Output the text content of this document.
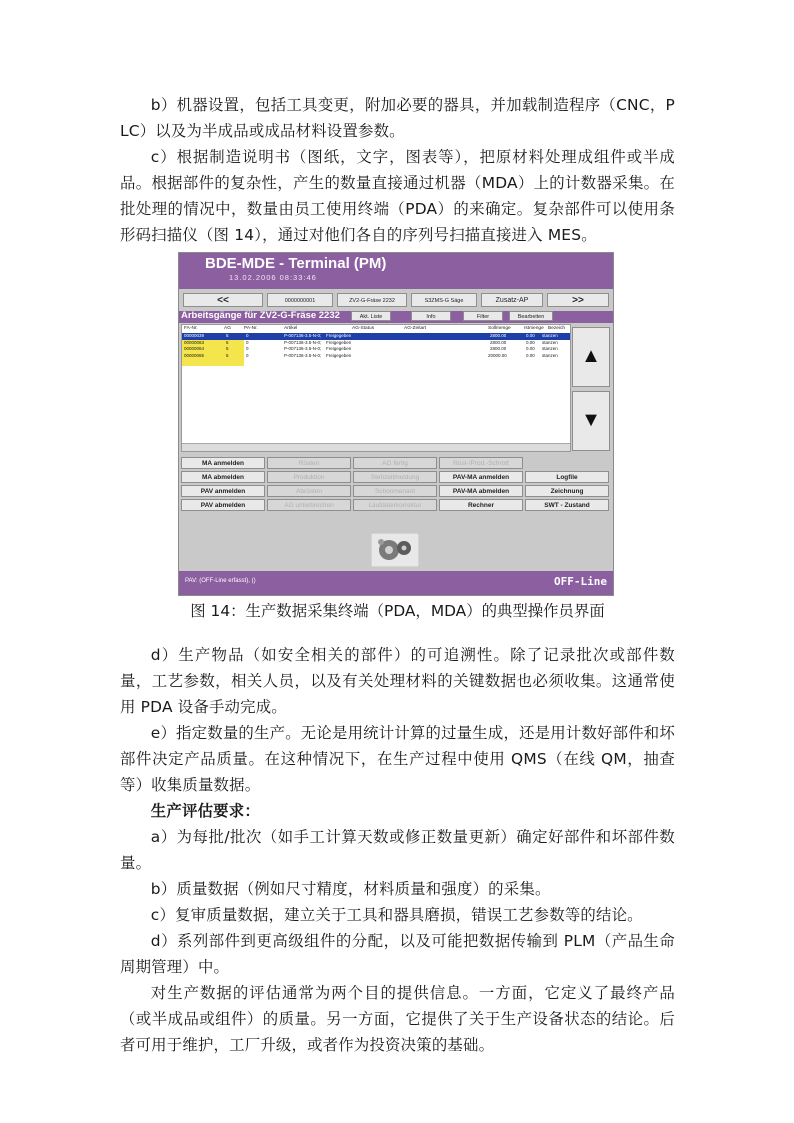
b）机器设置，包括工具变更，附加必要的器具，并加载制造程序（CNC，PLC）以及为半成品或成品材料设置参数。

c）根据制造说明书（图纸，文字，图表等），把原材料处理成组件或半成品。根据部件的复杂性，产生的数量直接通过机器（MDA）上的计数器采集。在批处理的情况中，数量由员工使用终端（PDA）的来确定。复杂部件可以使用条形码扫描仪（图 14），通过对他们各自的序列号扫描直接进入 MES。

BDE-MDE - Terminal (PM)
13.02.2006 08:33:46
<<	0000000001	ZV2-G-Fräse 2232	S3ZMS-G Säge	Zusatz-AP	>>
Arbeitsgänge für ZV2-G-Fräse 2232	Akt. Liste	Info	Filter	Bearbeiten
FA-Nr.	AG	PA-Nr.	Artikel	AG-Status	AG-Zeitart	Sollmenge	Istmenge Bezeich
00000039	5	0	P-007136-3.5-N-0;	Freigegeben	2800.00	0.00 stanzen
00000063	5	0	P-007136-3.5-N-0;	Freigegeben	2800.00	0.00 stanzen
00000064	5	0	P-007136-3.5-N-0;	Freigegeben	2800.00	0.00 stanzen
00000065	5	0	P-007136-3.5-N-0;	Freigegeben	20000.00	0.00 stanzen	▲
▼
MA anmelden	Rüsten	AG fertig	Rüst-/Prod.-Schrott
MA abmelden	Produktion	Stehzeitmeldung	PAV-MA anmelden	Logfile
PAV anmelden	Abrüsten	Schonmenant	PAV-MA abmelden	Zeichnung
PAV abmelden	AG unterbrechen	Laufdaterkorrektur	Rechner	SWT - Zustand
PAV: (OFF-Line erfasst), ()	OFF-Line

图 14：生产数据采集终端（PDA，MDA）的典型操作员界面

d）生产物品（如安全相关的部件）的可追溯性。除了记录批次或部件数量，工艺参数，相关人员，以及有关处理材料的关键数据也必须收集。这通常使用 PDA 设备手动完成。

e）指定数量的生产。无论是用统计计算的过量生成，还是用计数好部件和坏部件决定产品质量。在这种情况下，在生产过程中使用 QMS（在线 QM，抽查等）收集质量数据。

生产评估要求：

a）为每批/批次（如手工计算天数或修正数量更新）确定好部件和坏部件数量。

b）质量数据（例如尺寸精度，材料质量和强度）的采集。

c）复审质量数据，建立关于工具和器具磨损，错误工艺参数等的结论。

d）系列部件到更高级组件的分配，以及可能把数据传输到 PLM（产品生命周期管理）中。

对生产数据的评估通常为两个目的提供信息。一方面，它定义了最终产品（或半成品或组件）的质量。另一方面，它提供了关于生产设备状态的结论。后者可用于维护，工厂升级，或者作为投资决策的基础。
